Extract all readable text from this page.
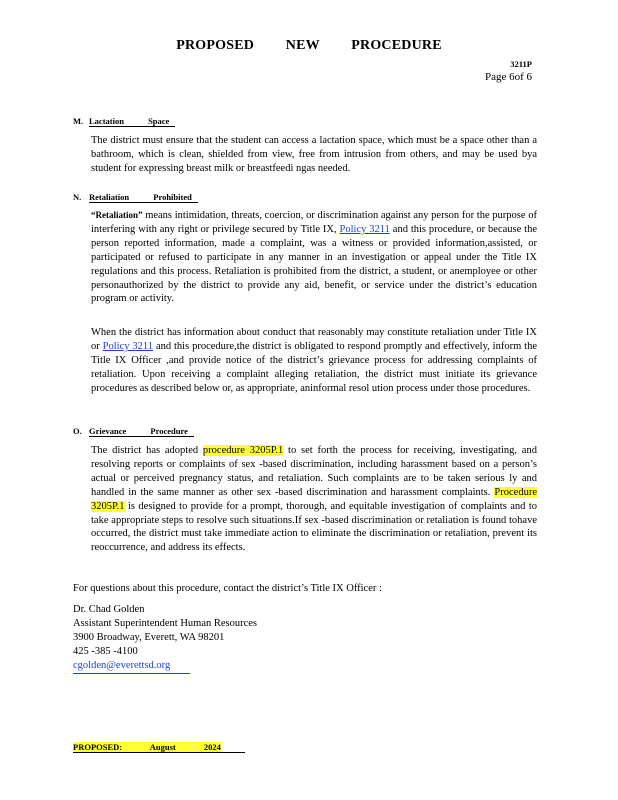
PROPOSED NEW PROCEDURE
3211P
Page 6of 6
M. Lactation Space
The district must ensure that the student can access a lactation space, which must be a space other than a bathroom, which is clean, shielded from view, free from intrusion from others, and may be used bya student for expressing breast milk or breastfeedi ngas needed.
N. Retaliation Prohibited
“Retaliation” means intimidation, threats, coercion, or discrimination against any person for the purpose of interfering with any right or privilege secured by Title IX, Policy 3211 and this procedure, or because the person reported information, made a complaint, was a witness or provided information,assisted, or participated or refused to participate in any manner in an investigation or appeal under the Title IX regulations and this process. Retaliation is prohibited from the district, a student, or anemployee or other personauthorized by the district to provide any aid, benefit, or service under the district’s education program or activity.
When the district has information about conduct that reasonably may constitute retaliation under Title IX or Policy 3211 and this procedure,the district is obligated to respond promptly and effectively, inform the Title IX Officer ,and provide notice of the district’s grievance process for addressing complaints of retaliation. Upon receiving a complaint alleging retaliation, the district must initiate its grievance procedures as described below or, as appropriate, aninformal resol ution process under those procedures.
O. Grievance Procedure
The district has adopted procedure 3205P.1 to set forth the process for receiving, investigating, and resolving reports or complaints of sex -based discrimination, including harassment based on a person’s actual or perceived pregnancy status, and retaliation. Such complaints are to be taken serious ly and handled in the same manner as other sex -based discrimination and harassment complaints. Procedure 3205P.1 is designed to provide for a prompt, thorough, and equitable investigation of complaints and to take appropriate steps to resolve such situations.If sex -based discrimination or retaliation is found tohave occurred, the district must take immediate action to eliminate the discrimination or retaliation, prevent its reoccurrence, and address its effects.
For questions about this procedure, contact the district’s Title IX Officer :
Dr. Chad Golden
Assistant Superintendent Human Resources
3900 Broadway, Everett, WA 98201
425 -385 -4100
cgolden@everettsd.org
PROPOSED: August 2024
